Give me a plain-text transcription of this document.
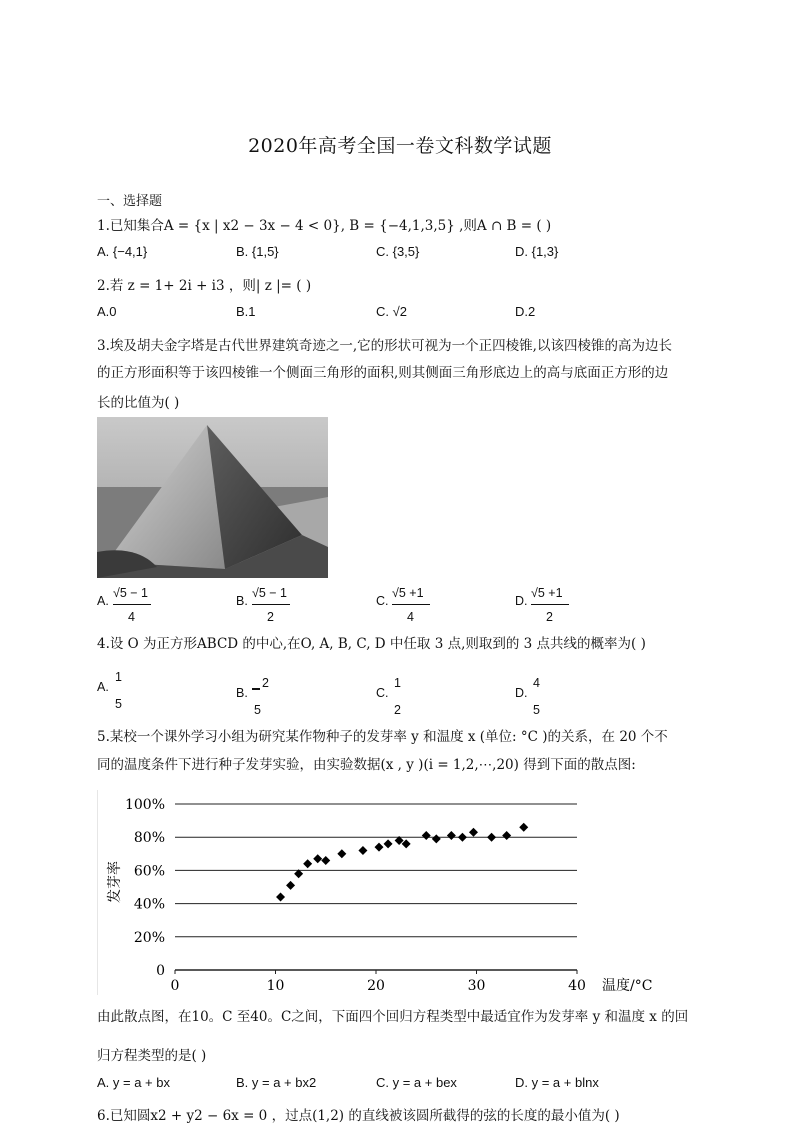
2020年高考全国一卷文科数学试题
一、选择题
1.已知集合A = {x | x2 − 3x − 4 < 0}, B = {−4,1,3,5} ,则A ∩ B = ( )
A. {−4,1}	B. {1,5}	C. {3,5}	D. {1,3}
2.若 z = 1+ 2i + i3 ，则| z |= ( )
A.0	B.1	C. √2	D.2
3.埃及胡夫金字塔是古代世界建筑奇迹之一,它的形状可视为一个正四棱锥,以该四棱锥的高为边长
的正方形面积等于该四棱锥一个侧面三角形的面积,则其侧面三角形底边上的高与底面正方形的边
长的比值为( )
A.
√5 − 1
4
B.
√5 − 1
2
C.
√5 +1
4
D.
√5 +1
2
4.设 O 为正方形ABCD 的中心,在O, A, B, C, D 中任取 3 点,则取到的 3 点共线的概率为( )
A.
1
5
B.
2
5
C.
1
2
D.
4
5
5.某校一个课外学习小组为研究某作物种子的发芽率 y 和温度 x (单位: °C )的关系，在 20 个不
同的温度条件下进行种子发芽实验，由实验数据(x , y )(i = 1,2,⋯,20) 得到下面的散点图:
0
20%
40%
60%
80%
100%
0	10	20	30	40
发芽率
温度/°C
由此散点图，在10。C 至40。C之间，下面四个回归方程类型中最适宜作为发芽率 y 和温度 x 的回
归方程类型的是( )
A. y = a + bx	B. y = a + bx2	C. y = a + bex	D. y = a + blnx
6.已知圆x2 + y2 − 6x = 0 ，过点(1,2) 的直线被该圆所截得的弦的长度的最小值为( )
